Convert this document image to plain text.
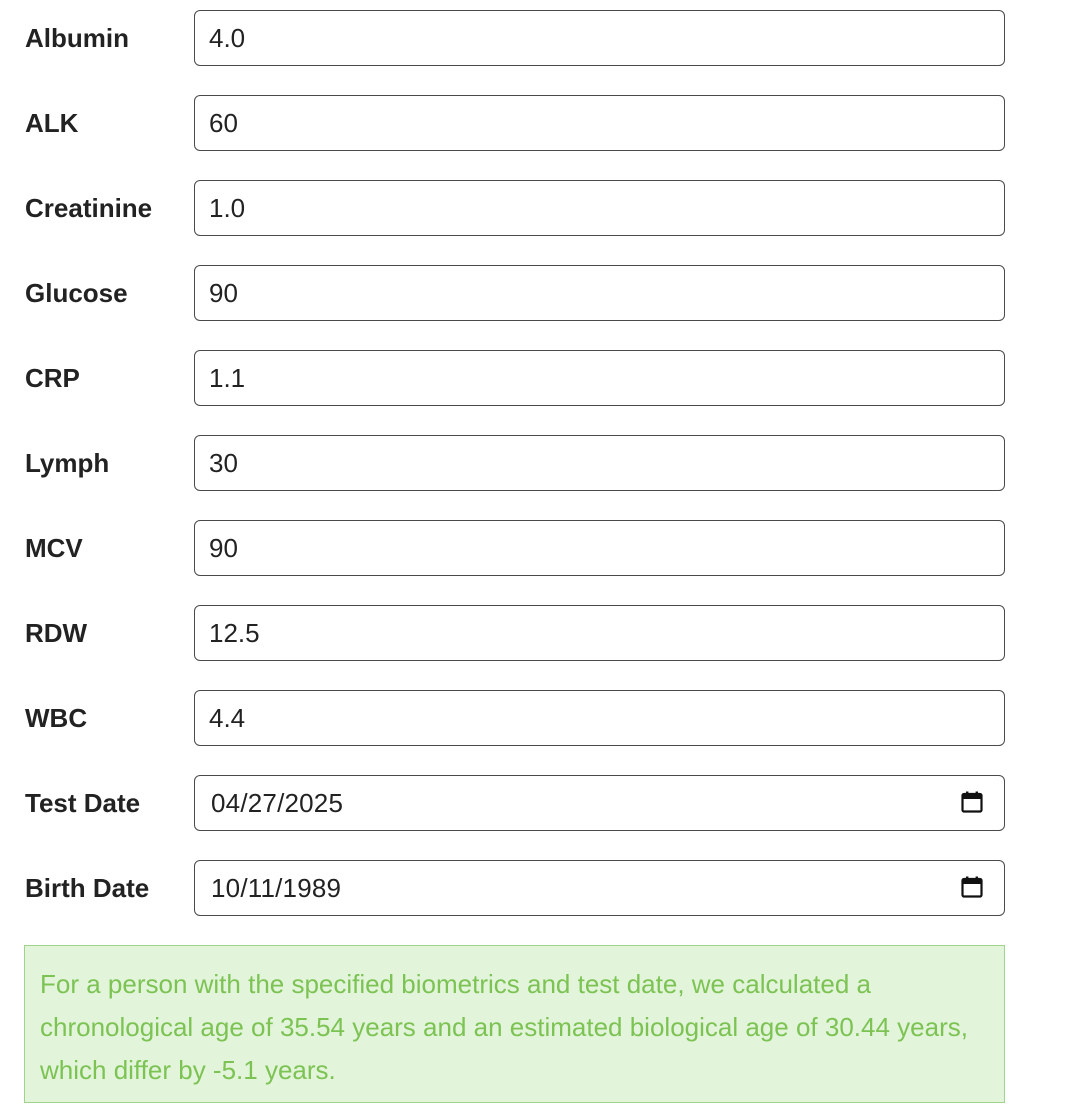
Albumin
4.0
ALK
60
Creatinine
1.0
Glucose
90
CRP
1.1
Lymph
30
MCV
90
RDW
12.5
WBC
4.4
Test Date
04/27/2025
Birth Date
10/11/1989
For a person with the specified biometrics and test date, we calculated a chronological age of 35.54 years and an estimated biological age of 30.44 years, which differ by -5.1 years.
